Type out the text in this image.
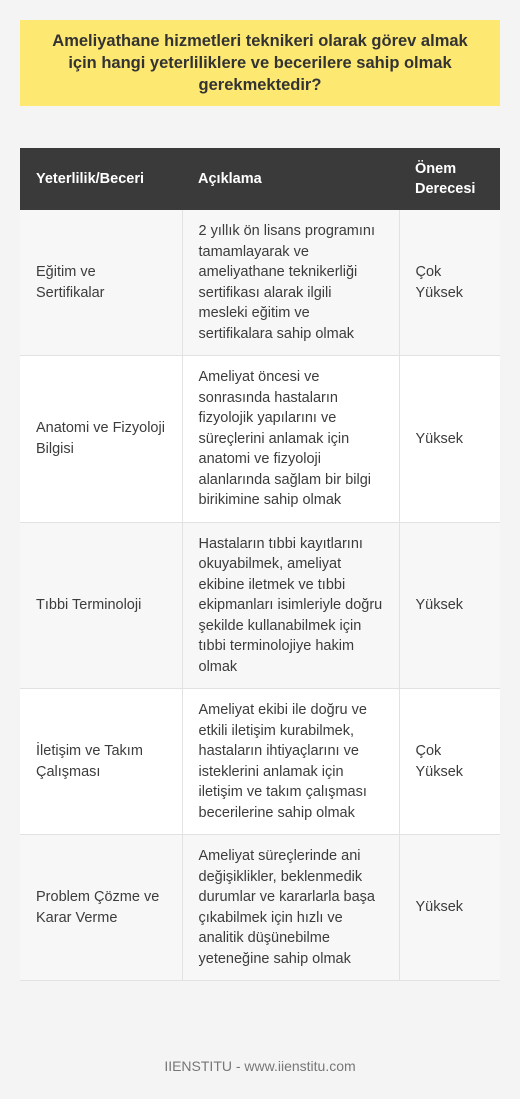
Ameliyathane hizmetleri teknikeri olarak görev almak için hangi yeterliliklere ve becerilere sahip olmak gerekmektedir?
Yeterlilik/Beceri	Açıklama	Önem Derecesi
Eğitim ve Sertifikalar	2 yıllık ön lisans programını tamamlayarak ve ameliyathane teknikerliği sertifikası alarak ilgili mesleki eğitim ve sertifikalara sahip olmak	Çok Yüksek
Anatomi ve Fizyoloji Bilgisi	Ameliyat öncesi ve sonrasında hastaların fizyolojik yapılarını ve süreçlerini anlamak için anatomi ve fizyoloji alanlarında sağlam bir bilgi birikimine sahip olmak	Yüksek
Tıbbi Terminoloji	Hastaların tıbbi kayıtlarını okuyabilmek, ameliyat ekibine iletmek ve tıbbi ekipmanları isimleriyle doğru şekilde kullanabilmek için tıbbi terminolojiye hakim olmak	Yüksek
İletişim ve Takım Çalışması	Ameliyat ekibi ile doğru ve etkili iletişim kurabilmek, hastaların ihtiyaçlarını ve isteklerini anlamak için iletişim ve takım çalışması becerilerine sahip olmak	Çok Yüksek
Problem Çözme ve Karar Verme	Ameliyat süreçlerinde ani değişiklikler, beklenmedik durumlar ve kararlarla başa çıkabilmek için hızlı ve analitik düşünebilme yeteneğine sahip olmak	Yüksek
IIENSTITU - www.iienstitu.com
